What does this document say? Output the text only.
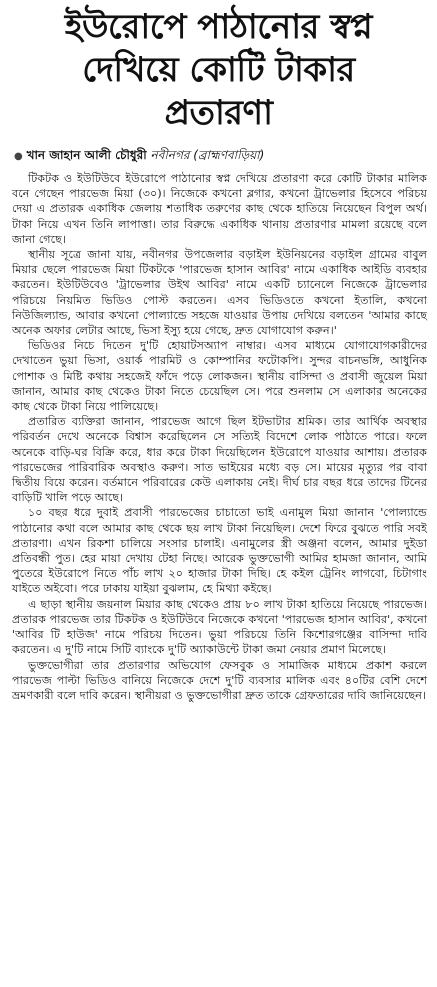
ইউরোপে পাঠানোর স্বপ্ন
দেখিয়ে কোটি টাকার
প্রতারণা
● খান জাহান আলী চৌধুরী নবীনগর (ব্রাহ্মণবাড়িয়া)

টিকটক ও ইউটিউবে ইউরোপে পাঠানোর স্বপ্ন দেখিয়ে প্রতারণা করে কোটি টাকার মালিক বনে গেছেন পারভেজ মিয়া (৩০)। নিজেকে কখনো ব্লগার, কখনো ট্রাভেলার হিসেবে পরিচয় দেয়া এ প্রতারক একাধিক জেলায় শতাধিক তরুণের কাছ থেকে হাতিয়ে নিয়েছেন বিপুল অর্থ। টাকা নিয়ে এখন তিনি লাপাত্তা। তার বিরুদ্ধে একাধিক থানায় প্রতারণার মামলা রয়েছে বলে জানা গেছে।

স্থানীয় সূত্রে জানা যায়, নবীনগর উপজেলার বড়াইল ইউনিয়নের বড়াইল গ্রামের বাবুল মিয়ার ছেলে পারভেজ মিয়া টিকটকে 'পারভেজ হাসান আবির' নামে একাধিক আইডি ব্যবহার করতেন। ইউটিউবেও 'ট্রাভেলার উইথ আবির' নামে একটি চ্যানেলে নিজেকে ট্রাভেলার পরিচয়ে নিয়মিত ভিডিও পোস্ট করতেন। এসব ভিডিওতে কখনো ইতালি, কখনো নিউজিল্যান্ড, আবার কখনো পোল্যান্ডে সহজে যাওয়ার উপায় দেখিয়ে বলতেন 'আমার কাছে অনেক অফার লেটার আছে, ভিসা ইস্যু হয়ে গেছে, দ্রুত যোগাযোগ করুন।'

ভিডিওর নিচে দিতেন দু'টি হোয়াটসঅ্যাপ নাম্বার। এসব মাধ্যমে যোগাযোগকারীদের দেখাতেন ভুয়া ভিসা, ওয়ার্ক পারমিট ও কোম্পানির ফটোকপি। সুন্দর বাচনভঙ্গি, আধুনিক পোশাক ও মিষ্টি কথায় সহজেই ফাঁদে পড়ে লোকজন। স্থানীয় বাসিন্দা ও প্রবাসী জুয়েল মিয়া জানান, আমার কাছ থেকেও টাকা নিতে চেয়েছিল সে। পরে শুনলাম সে এলাকার অনেকের কাছ থেকে টাকা নিয়ে পালিয়েছে।

প্রতারিত ব্যক্তিরা জানান, পারভেজ আগে ছিল ইটভাটার শ্রমিক। তার আর্থিক অবস্থার পরিবর্তন দেখে অনেকে বিশ্বাস করেছিলেন সে সত্যিই বিদেশে লোক পাঠাতে পারে। ফলে অনেকে বাড়ি-ঘর বিক্রি করে, ধার করে টাকা দিয়েছিলেন ইউরোপে যাওয়ার আশায়। প্রতারক পারভেজের পারিবারিক অবস্থাও করুণ। সাত ভাইয়ের মধ্যে বড় সে। মায়ের মৃত্যুর পর বাবা দ্বিতীয় বিয়ে করেন। বর্তমানে পরিবারের কেউ এলাকায় নেই। দীর্ঘ চার বছর ধরে তাদের টিনের বাড়িটি খালি পড়ে আছে।

১০ বছর ধরে দুবাই প্রবাসী পারভেজের চাচাতো ভাই এনামুল মিয়া জানান 'পোল্যান্ডে পাঠানোর কথা বলে আমার কাছ থেকে ছয় লাখ টাকা নিয়েছিল। দেশে ফিরে বুঝতে পারি সবই প্রতারণা। এখন রিকশা চালিয়ে সংসার চালাই। এনামুলের স্ত্রী অঞ্জনা বলেন, আমার দুইডা প্রতিবন্ধী পুত। হের মায়া দেখায় টেহা নিছে। আরেক ভুক্তভোগী আমির হামজা জানান, আমি পুতেরে ইউরোপে নিতে পাঁচ লাখ ২০ হাজার টাকা দিছি। হে কইল ট্রেনিং লাগবো, চিটাগাং যাইতে অইবো। পরে ঢাকায় যাইয়া বুঝলাম, হে মিথ্যা কইছে।

এ ছাড়া স্থানীয় জয়নাল মিয়ার কাছ থেকেও প্রায় ৮০ লাখ টাকা হাতিয়ে নিয়েছে পারভেজ। প্রতারক পারভেজ তার টিকটক ও ইউটিউবে নিজেকে কখনো 'পারভেজ হাসান আবির', কখনো 'আবির টি হাউজ' নামে পরিচয় দিতেন। ভুয়া পরিচয়ে তিনি কিশোরগঞ্জের বাসিন্দা দাবি করতেন। এ দু'টি নামে সিটি ব্যাংকে দু'টি অ্যাকাউন্টে টাকা জমা নেয়ার প্রমাণ মিলেছে।

ভুক্তভোগীরা তার প্রতারণার অভিযোগ ফেসবুক ও সামাজিক মাধ্যমে প্রকাশ করলে পারভেজ পাল্টা ভিডিও বানিয়ে নিজেকে দেশে দু'টি ব্যবসার মালিক এবং ৪০টির বেশি দেশে ভ্রমণকারী বলে দাবি করেন। স্থানীয়রা ও ভুক্তভোগীরা দ্রুত তাকে গ্রেফতারের দাবি জানিয়েছেন।
